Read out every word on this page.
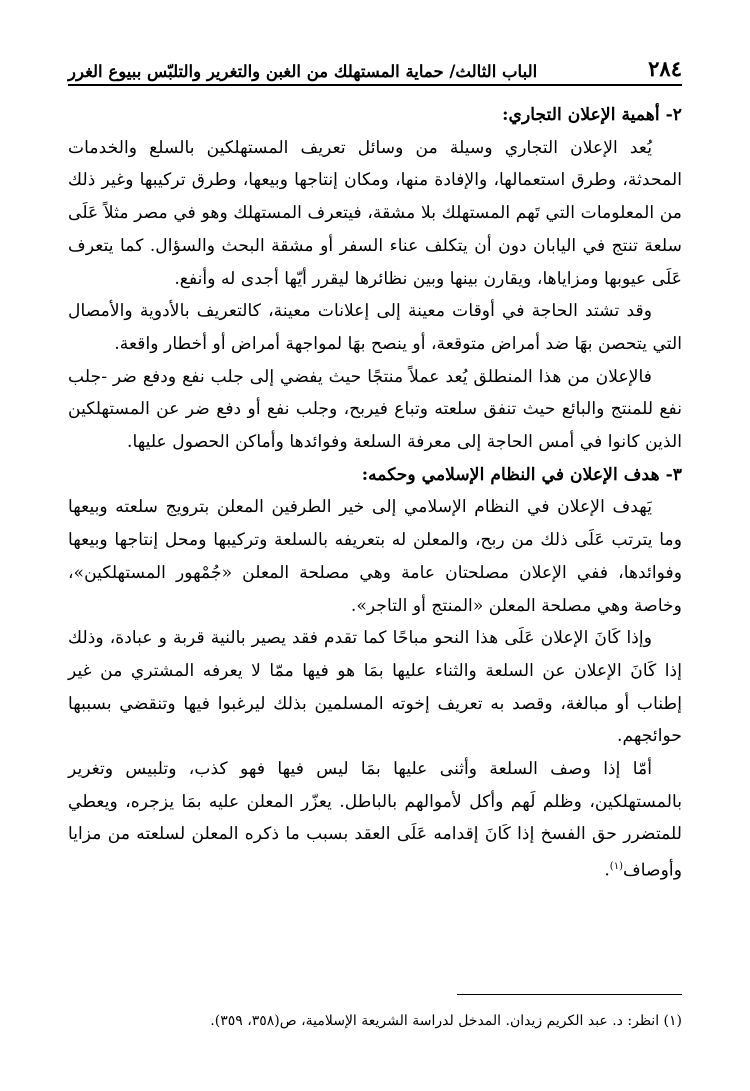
٢٨٤
الباب الثالث/ حماية المستهلك من الغبن والتغرير والتلبّس ببيوع الغرر
٢- أهمية الإعلان التجاري:

يُعد الإعلان التجاري وسيلة من وسائل تعريف المستهلكين بالسلع والخدمات المحدثة، وطرق استعمالها، والإفادة منها، ومكان إنتاجها وبيعها، وطرق تركيبها وغير ذلك من المعلومات التي تَهم المستهلك بلا مشقة، فيتعرف المستهلك وهو في مصر مثلاً عَلَى سلعة تنتج في اليابان دون أن يتكلف عناء السفر أو مشقة البحث والسؤال. كما يتعرف عَلَى عيوبها ومزاياها، ويقارن بينها وبين نظائرها ليقرر أيّها أجدى له وأنفع.

وقد تشتد الحاجة في أوقات معينة إلى إعلانات معينة، كالتعريف بالأدوية والأمصال التي يتحصن بهَا ضد أمراض متوقعة، أو ينصح بهَا لمواجهة أمراض أو أخطار واقعة.

فالإعلان من هذا المنطلق يُعد عملاً منتجًا حيث يفضي إلى جلب نفع ودفع ضر -جلب نفع للمنتج والبائع حيث تنفق سلعته وتباع فيربح، وجلب نفع أو دفع ضر عن المستهلكين الذين كانوا في أمس الحاجة إلى معرفة السلعة وفوائدها وأماكن الحصول عليها.

٣- هدف الإعلان في النظام الإسلامي وحكمه:

يَهدف الإعلان في النظام الإسلامي إلى خير الطرفين المعلن بترويج سلعته وبيعها وما يترتب عَلَى ذلك من ربح، والمعلن له بتعريفه بالسلعة وتركيبها ومحل إنتاجها وبيعها وفوائدها، ففي الإعلان مصلحتان عامة وهي مصلحة المعلن «جُمْهور المستهلكين»، وخاصة وهي مصلحة المعلن «المنتج أو التاجر».

وإذا كَانَ الإعلان عَلَى هذا النحو مباحًا كما تقدم فقد يصير بالنية قربة و عبادة، وذلك إذا كَانَ الإعلان عن السلعة والثناء عليها بمَا هو فيها ممّا لا يعرفه المشتري من غير إطناب أو مبالغة، وقصد به تعريف إخوته المسلمين بذلك ليرغبوا فيها وتنقضي بسببها حوائجهم.

أمّا إذا وصف السلعة وأثنى عليها بمَا ليس فيها فهو كذب، وتلبيس وتغرير بالمستهلكين، وظلم لَهم وأكل لأموالهم بالباطل. يعزّر المعلن عليه بمَا يزجره، ويعطي للمتضرر حق الفسخ إذا كَانَ إقدامه عَلَى العقد بسبب ما ذكره المعلن لسلعته من مزايا وأوصاف$^{(١)}$.

(١) انظر: د. عبد الكريم زيدان. المدخل لدراسة الشريعة الإسلامية، ص(٣٥٨، ٣٥٩).
